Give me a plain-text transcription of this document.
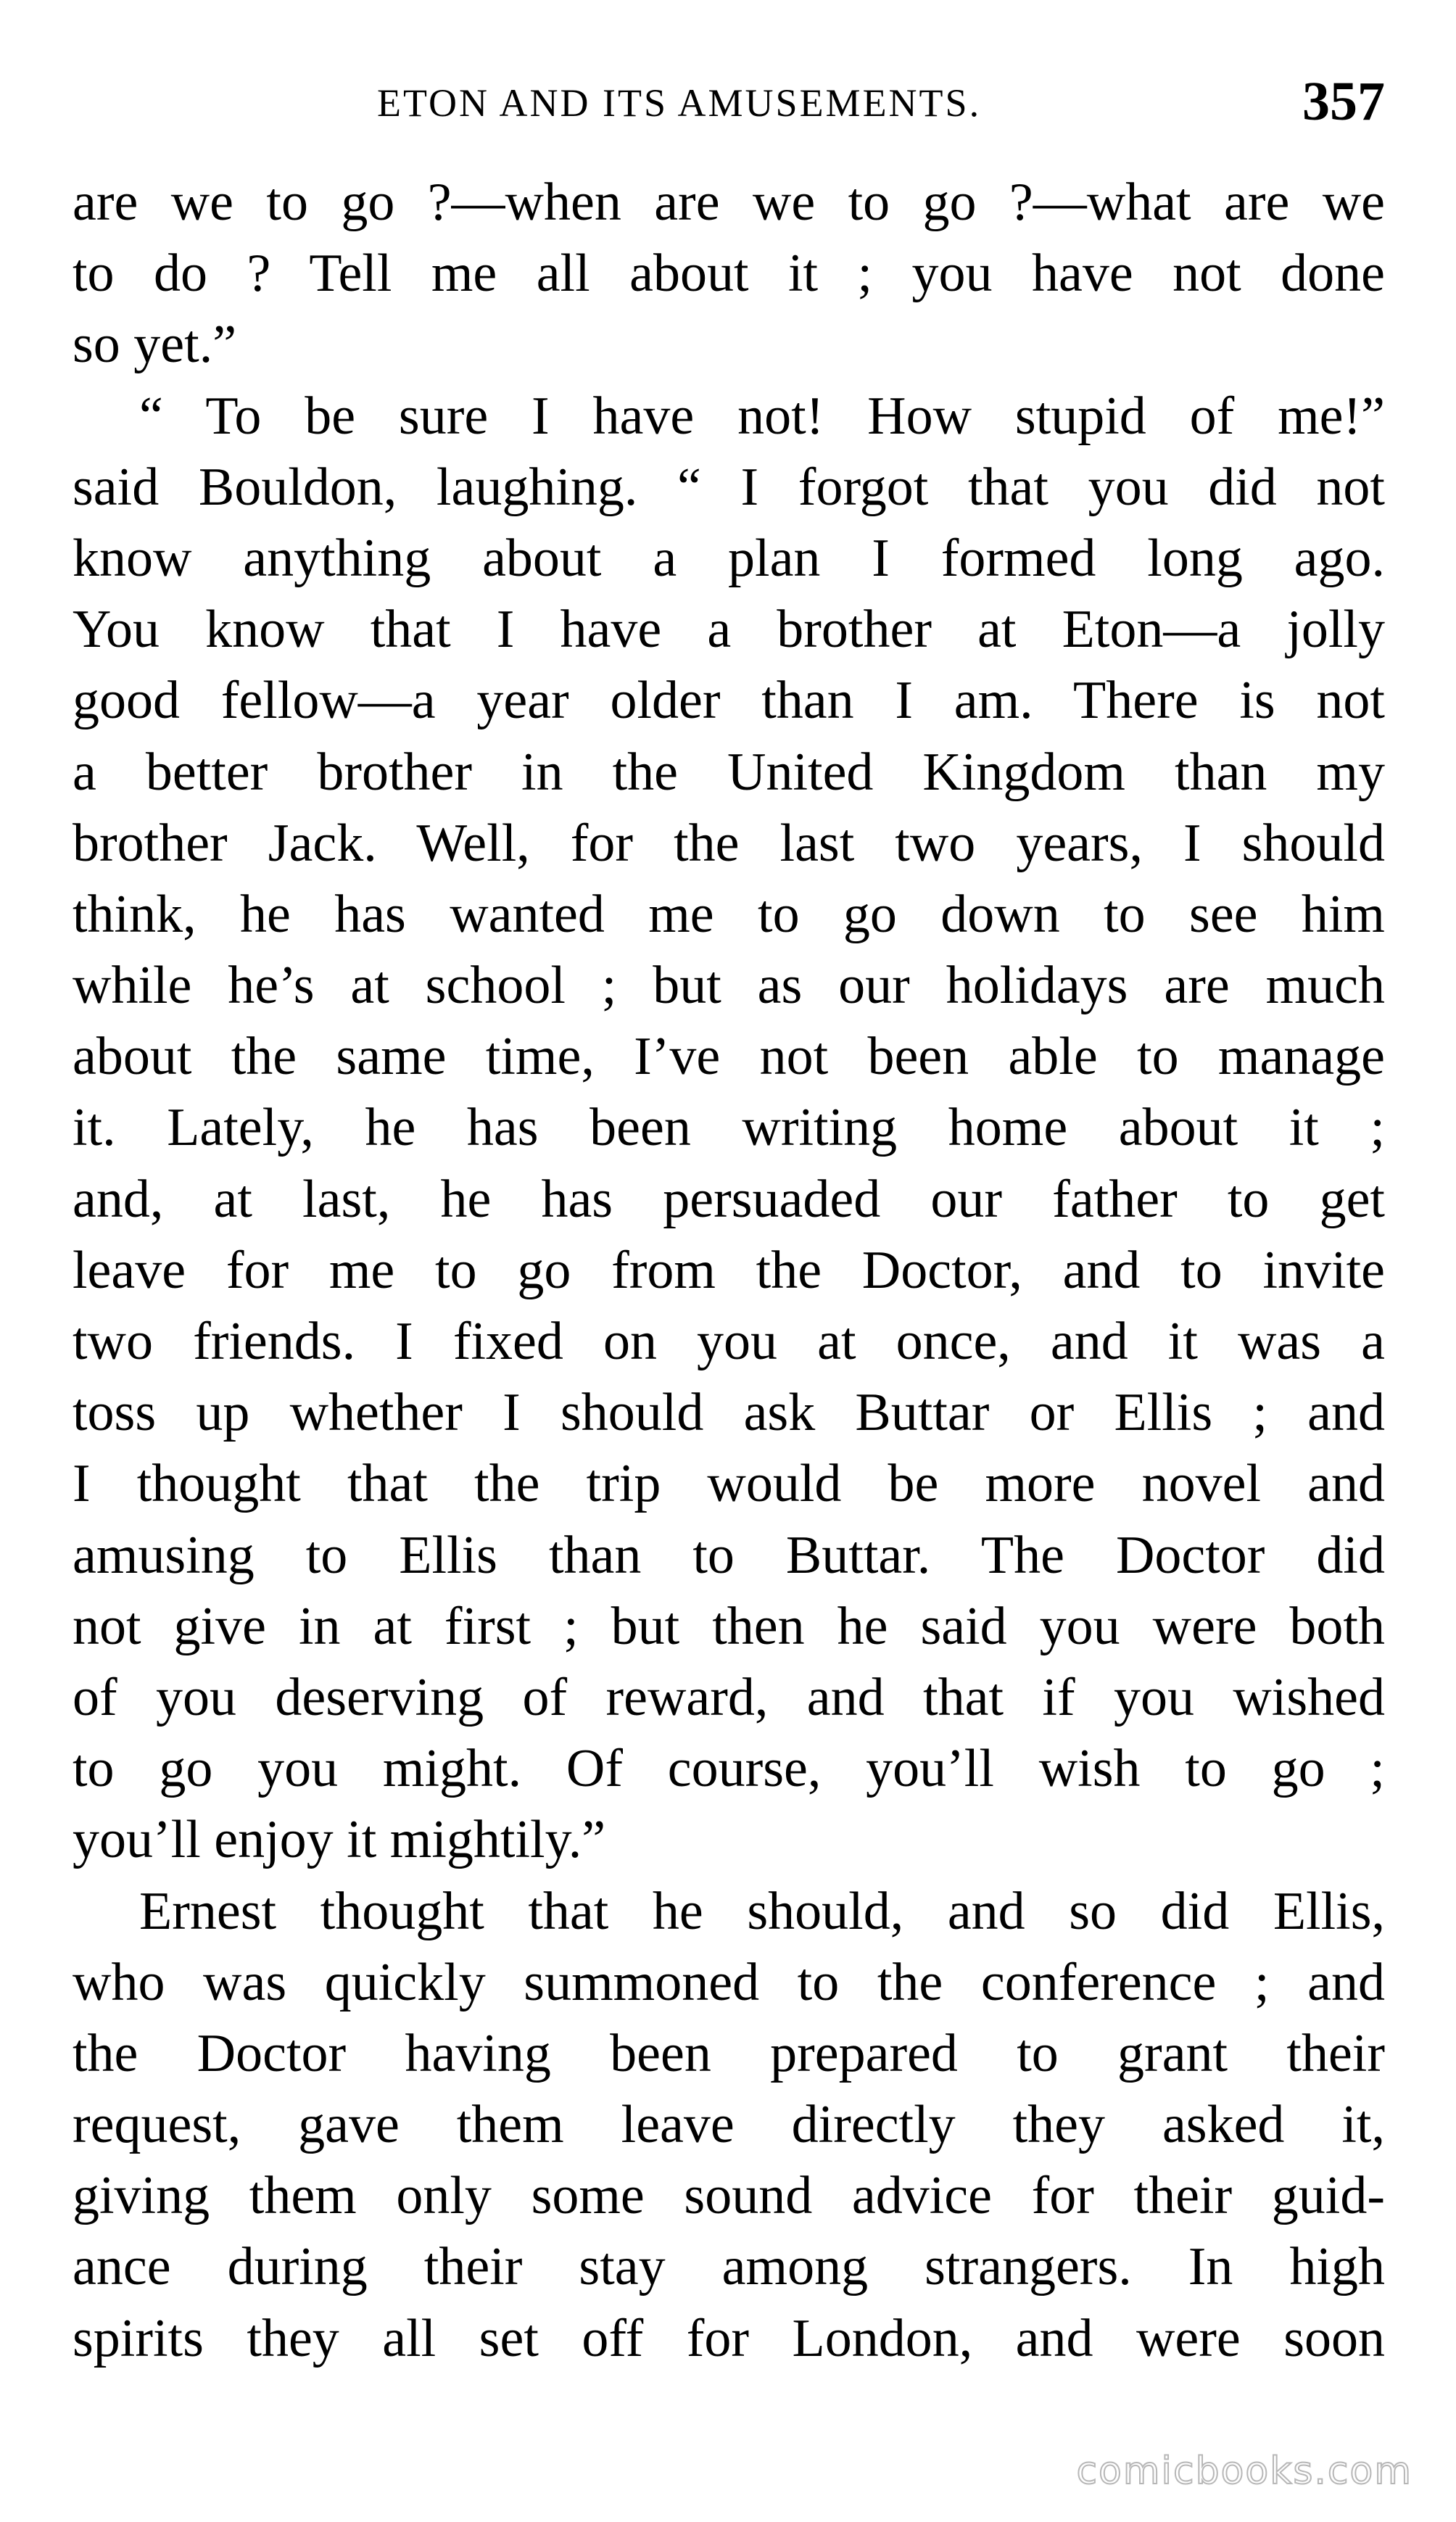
ETON AND ITS AMUSEMENTS.	357
are we to go ?—when are we to go ?—what are we
to do ? Tell me all about it ; you have not done
so yet.”
“ To be sure I have not! How stupid of me!”
said Bouldon, laughing. “ I forgot that you did not
know anything about a plan I formed long ago.
You know that I have a brother at Eton—a jolly
good fellow—a year older than I am. There is not
a better brother in the United Kingdom than my
brother Jack. Well, for the last two years, I should
think, he has wanted me to go down to see him
while he’s at school ; but as our holidays are much
about the same time, I’ve not been able to manage
it. Lately, he has been writing home about it ;
and, at last, he has persuaded our father to get
leave for me to go from the Doctor, and to invite
two friends. I fixed on you at once, and it was a
toss up whether I should ask Buttar or Ellis ; and
I thought that the trip would be more novel and
amusing to Ellis than to Buttar. The Doctor did
not give in at first ; but then he said you were both
of you deserving of reward, and that if you wished
to go you might. Of course, you’ll wish to go ;
you’ll enjoy it mightily.”
Ernest thought that he should, and so did Ellis,
who was quickly summoned to the conference ; and
the Doctor having been prepared to grant their
request, gave them leave directly they asked it,
giving them only some sound advice for their guid-
ance during their stay among strangers. In high
spirits they all set off for London, and were soon
comicbooks.com
